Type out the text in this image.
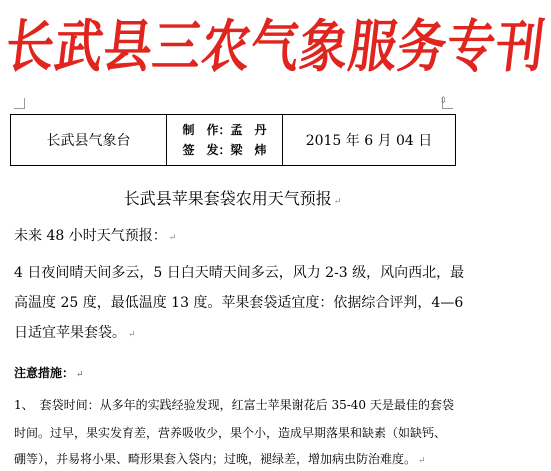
长武县三农气象服务专刊
⇳
长武县气象台
制　作：孟　丹
签　发：梁　炜
2015 年 6 月 04 日
长武县苹果套袋农用天气预报 ↵
未来 48 小时天气预报： ↵
4 日夜间晴天间多云，5 日白天晴天间多云，风力 2-3 级，风向西北，最
高温度 25 度，最低温度 13 度。苹果套袋适宜度：依据综合评判，4—6
日适宜苹果套袋。 ↵
注意措施： ↵
1、　套袋时间：从多年的实践经验发现，红富士苹果谢花后 35-40 天是最佳的套袋
时间。过早，果实发育差，营养吸收少，果个小，造成早期落果和缺素（如缺钙、
硼等），并易将小果、畸形果套入袋内；过晚，褪绿差，增加病虫防治难度。 ↵
